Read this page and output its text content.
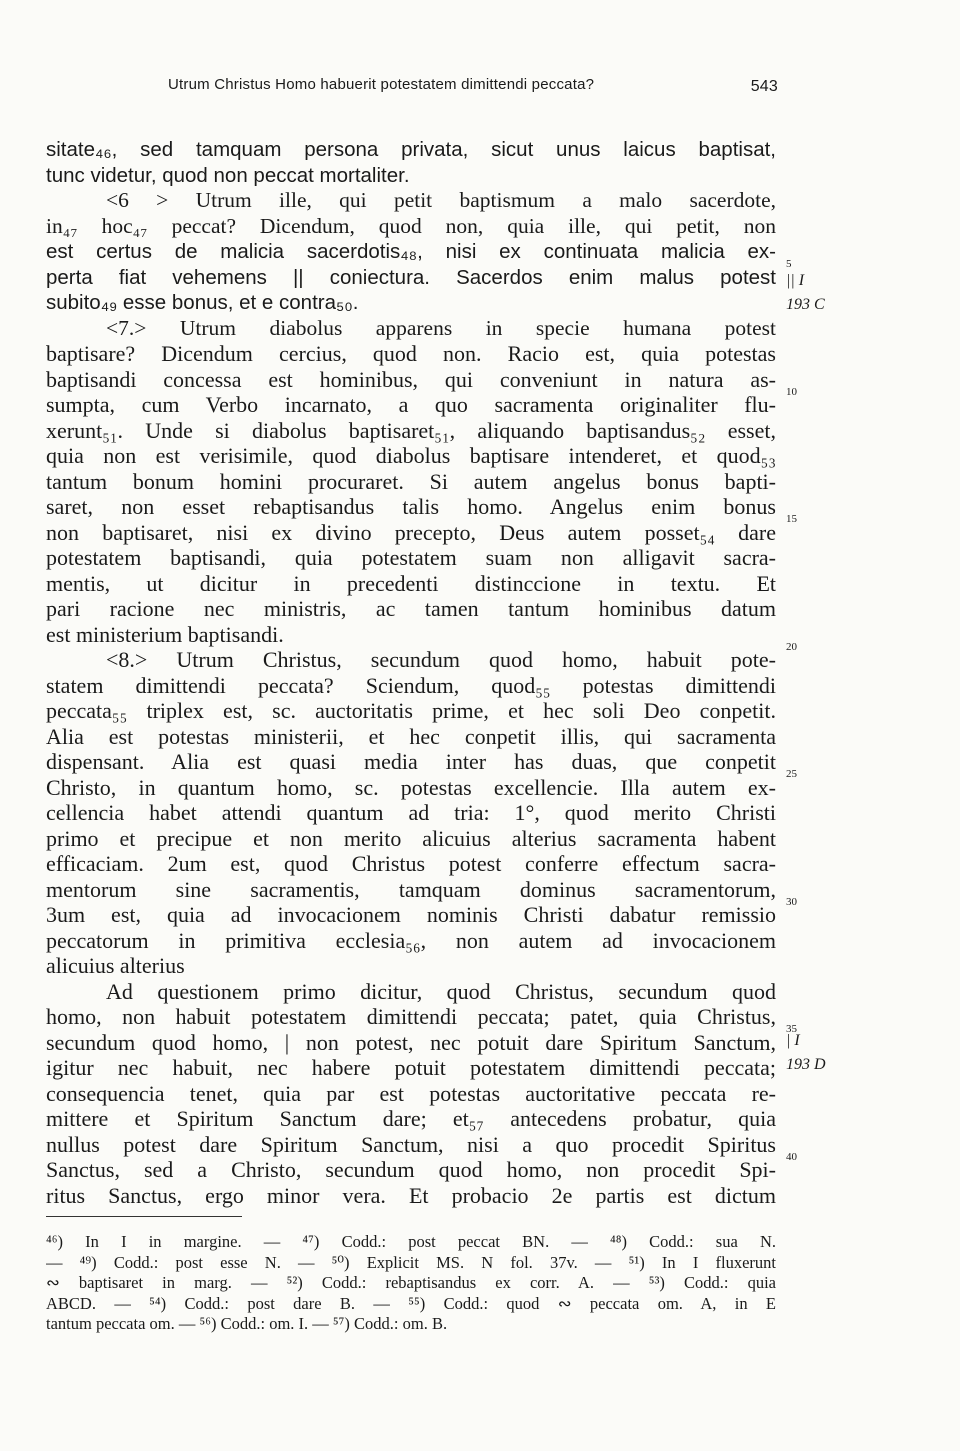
Utrum Christus Homo habuerit potestatem dimittendi peccata?	543
sitate₄₆, sed tamquam persona privata, sicut unus laicus baptisat,
tunc videtur, quod non peccat mortaliter.
<6 > Utrum ille, qui petit baptismum a malo sacerdote,
in₄₇ hoc₄₇ peccat? Dicendum, quod non, quia ille, qui petit, non
est certus de malicia sacerdotis₄₈, nisi ex continuata malicia ex-
perta fiat vehemens || coniectura. Sacerdos enim malus potest
subito₄₉ esse bonus, et e contra₅₀.
<7.> Utrum diabolus apparens in specie humana potest
baptisare? Dicendum cercius, quod non. Racio est, quia potestas
baptisandi concessa est hominibus, qui conveniunt in natura as-
sumpta, cum Verbo incarnato, a quo sacramenta originaliter flu-
xerunt₅₁. Unde si diabolus baptisaret₅₁, aliquando baptisandus₅₂ esset,
quia non est verisimile, quod diabolus baptisare intenderet, et quod₅₃
tantum bonum homini procuraret. Si autem angelus bonus bapti-
saret, non esset rebaptisandus talis homo. Angelus enim bonus
non baptisaret, nisi ex divino precepto, Deus autem posset₅₄ dare
potestatem baptisandi, quia potestatem suam non alligavit sacra-
mentis, ut dicitur in precedenti distinccione in textu. Et
pari racione nec ministris, ac tamen tantum hominibus datum
est ministerium baptisandi.
<8.> Utrum Christus, secundum quod homo, habuit pote-
statem dimittendi peccata? Sciendum, quod₅₅ potestas dimittendi
peccata₅₅ triplex est, sc. auctoritatis prime, et hec soli Deo conpetit.
Alia est potestas ministerii, et hec conpetit illis, qui sacramenta
dispensant. Alia est quasi media inter has duas, que conpetit
Christo, in quantum homo, sc. potestas excellencie. Illa autem ex-
cellencia habet attendi quantum ad tria: 1°, quod merito Christi
primo et precipue et non merito alicuius alterius sacramenta habent
efficaciam. 2um est, quod Christus potest conferre effectum sacra-
mentorum sine sacramentis, tamquam dominus sacramentorum,
3um est, quia ad invocacionem nominis Christi dabatur remissio
peccatorum in primitiva ecclesia₅₆, non autem ad invocacionem
alicuius alterius
Ad questionem primo dicitur, quod Christus, secundum quod
homo, non habuit potestatem dimittendi peccata; patet, quia Christus,
secundum quod homo, | non potest, nec potuit dare Spiritum Sanctum,
igitur nec habuit, nec habere potuit potestatem dimittendi peccata;
consequencia tenet, quia par est potestas auctoritative peccata re-
mittere et Spiritum Sanctum dare; et₅₇ antecedens probatur, quia
nullus potest dare Spiritum Sanctum, nisi a quo procedit Spiritus
Sanctus, sed a Christo, secundum quod homo, non procedit Spi-
ritus Sanctus, ergo minor vera. Et probacio 2e partis est dictum
5
10
15
20
25
30
35
40
|| I
193 C
| I
193 D
⁴⁶) In I in margine. — ⁴⁷) Codd.: post peccat BN. — ⁴⁸) Codd.: sua N.
— ⁴⁹) Codd.: post esse N. — ⁵⁰) Explicit MS. N fol. 37v. — ⁵¹) In I fluxerunt
∾ baptisaret in marg. — ⁵²) Codd.: rebaptisandus ex corr. A. — ⁵³) Codd.: quia
ABCD. — ⁵⁴) Codd.: post dare B. — ⁵⁵) Codd.: quod ∾ peccata om. A, in E
tantum peccata om. — ⁵⁶) Codd.: om. I. — ⁵⁷) Codd.: om. B.
